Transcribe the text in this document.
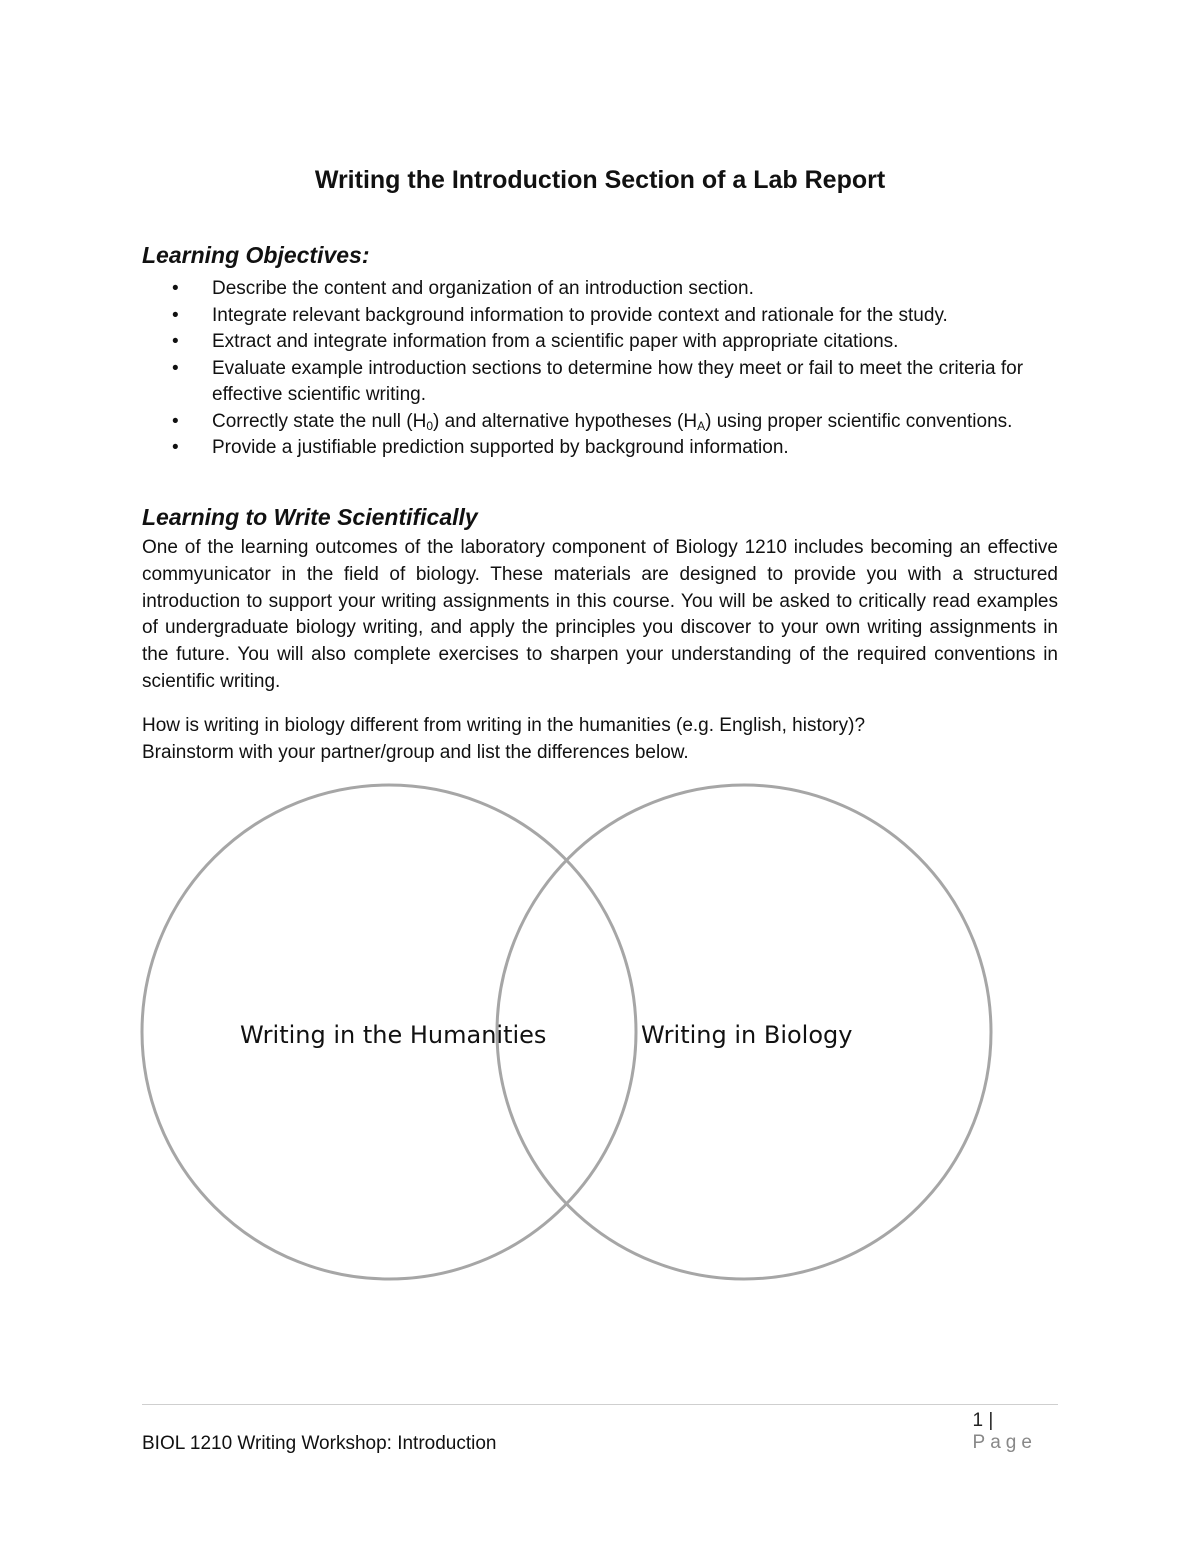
Writing the Introduction Section of a Lab Report
Learning Objectives:
• Describe the content and organization of an introduction section.
• Integrate relevant background information to provide context and rationale for the study.
• Extract and integrate information from a scientific paper with appropriate citations.
• Evaluate example introduction sections to determine how they meet or fail to meet the criteria for effective scientific writing.
• Correctly state the null $(H_0)$ and alternative hypotheses $(H_A)$ using proper scientific conventions.
• Provide a justifiable prediction supported by background information.
Learning to Write Scientifically

One of the learning outcomes of the laboratory component of Biology 1210 includes becoming an effective commyunicator in the field of biology. These materials are designed to provide you with a structured introduction to support your writing assignments in this course. You will be asked to critically read examples of undergraduate biology writing, and apply the principles you discover to your own writing assignments in the future. You will also complete exercises to sharpen your understanding of the required conventions in scientific writing.

How is writing in biology different from writing in the humanities (e.g. English, history)?
Brainstorm with your partner/group and list the differences below.

Writing in the Humanities	Writing in Biology
1 | Page
BIOL 1210 Writing Workshop: Introduction
